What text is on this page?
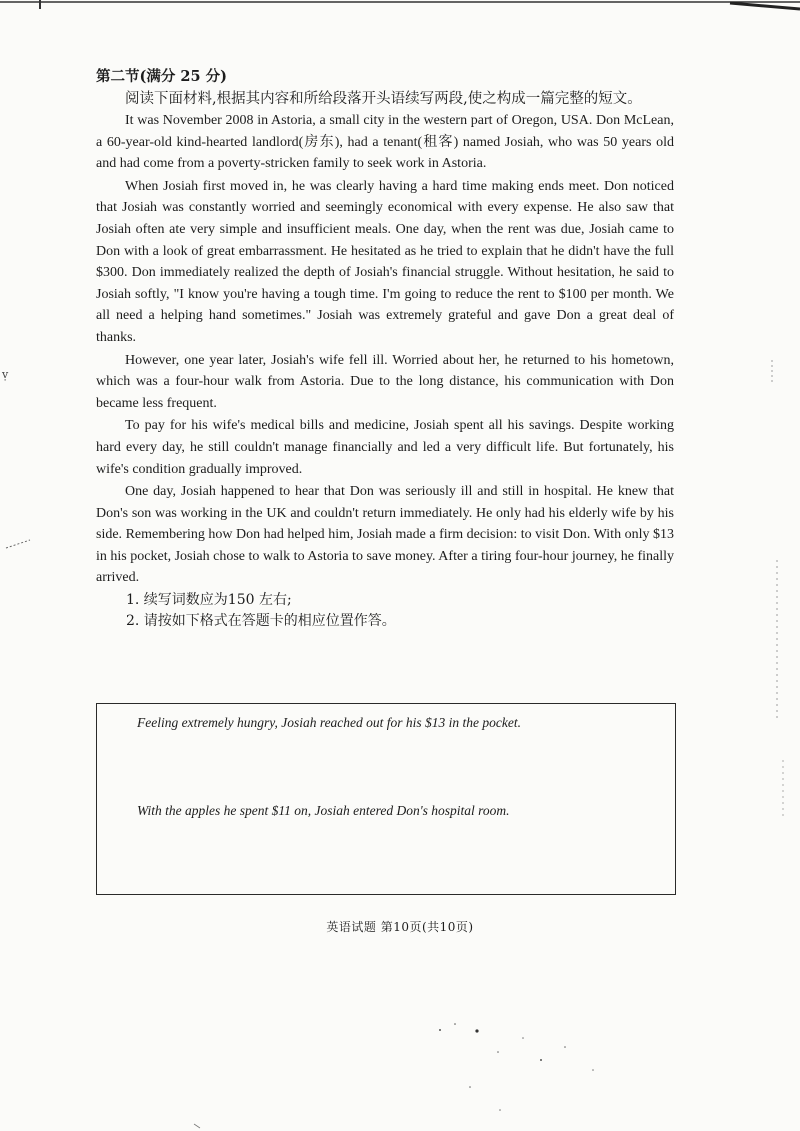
第二节(满分 25 分)

阅读下面材料,根据其内容和所给段落开头语续写两段,使之构成一篇完整的短文。

It was November 2008 in Astoria, a small city in the western part of Oregon, USA. Don McLean, a 60-year-old kind-hearted landlord(房东), had a tenant(租客) named Josiah, who was 50 years old and had come from a poverty-stricken family to seek work in Astoria.

When Josiah first moved in, he was clearly having a hard time making ends meet. Don noticed that Josiah was constantly worried and seemingly economical with every expense. He also saw that Josiah often ate very simple and insufficient meals. One day, when the rent was due, Josiah came to Don with a look of great embarrassment. He hesitated as he tried to explain that he didn't have the full $300. Don immediately realized the depth of Josiah's financial struggle. Without hesitation, he said to Josiah softly, "I know you're having a tough time. I'm going to reduce the rent to $100 per month. We all need a helping hand sometimes." Josiah was extremely grateful and gave Don a great deal of thanks.

However, one year later, Josiah's wife fell ill. Worried about her, he returned to his hometown, which was a four-hour walk from Astoria. Due to the long distance, his communication with Don became less frequent.

To pay for his wife's medical bills and medicine, Josiah spent all his savings. Despite working hard every day, he still couldn't manage financially and led a very difficult life. But fortunately, his wife's condition gradually improved.

One day, Josiah happened to hear that Don was seriously ill and still in hospital. He knew that Don's son was working in the UK and couldn't return immediately. He only had his elderly wife by his side. Remembering how Don had helped him, Josiah made a firm decision: to visit Don. With only $13 in his pocket, Josiah chose to walk to Astoria to save money. After a tiring four-hour journey, he finally arrived.

1. 续写词数应为150 左右;
2. 请按如下格式在答题卡的相应位置作答。
Feeling extremely hungry, Josiah reached out for his $13 in the pocket.
With the apples he spent $11 on, Josiah entered Don's hospital room.
英语试题 第10页(共10页)
ṿ
